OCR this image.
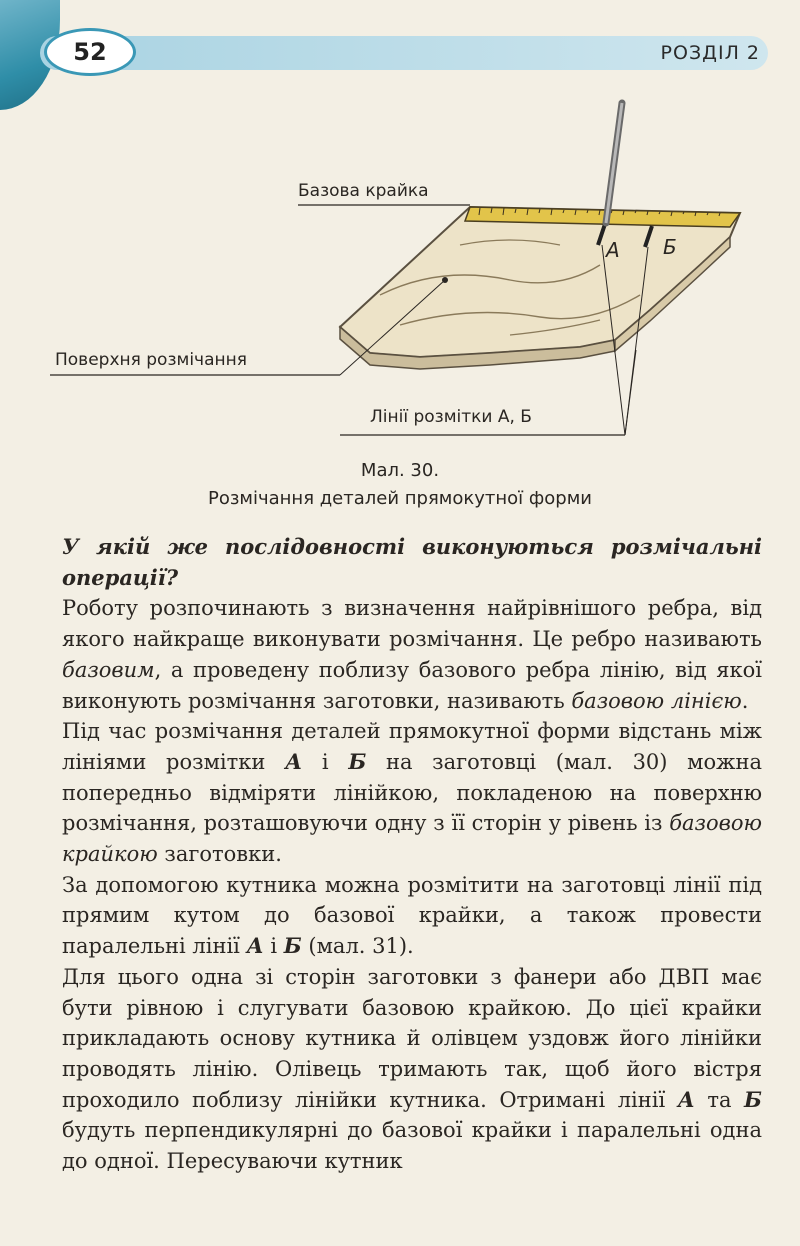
52	РОЗДІЛ 2
Базова крайка
Поверхня розмічання
Лінії розмітки А, Б
А Б
Мал. 30.
Розмічання деталей прямокутної форми

У якій же послідовності виконуються розмічальні операції?

Роботу розпочинають з визначення найрівнішого ребра, від якого найкраще виконувати розмічання. Це ребро називають базовим, а проведену поблизу базового ребра лінію, від якої виконують розмічання заготовки, називають базовою лінією.

Під час розмічання деталей прямокутної форми відстань між лініями розмітки А і Б на заготовці (мал. 30) можна попередньо відміряти лінійкою, покладеною на поверхню розмічання, розташовуючи одну з її сторін у рівень із базовою крайкою заготовки.

За допомогою кутника можна розмітити на заготовці лінії під прямим кутом до базової крайки, а також провести паралельні лінії А і Б (мал. 31).

Для цього одна зі сторін заготовки з фанери або ДВП має бути рівною і слугувати базовою крайкою. До цієї крайки прикладають основу кутника й олівцем уздовж його лінійки проводять лінію. Олівець тримають так, щоб його вістря проходило поблизу лінійки кутника. Отримані лінії А та Б будуть перпендикулярні до базової крайки і паралельні одна до одної. Пересуваючи кутник
